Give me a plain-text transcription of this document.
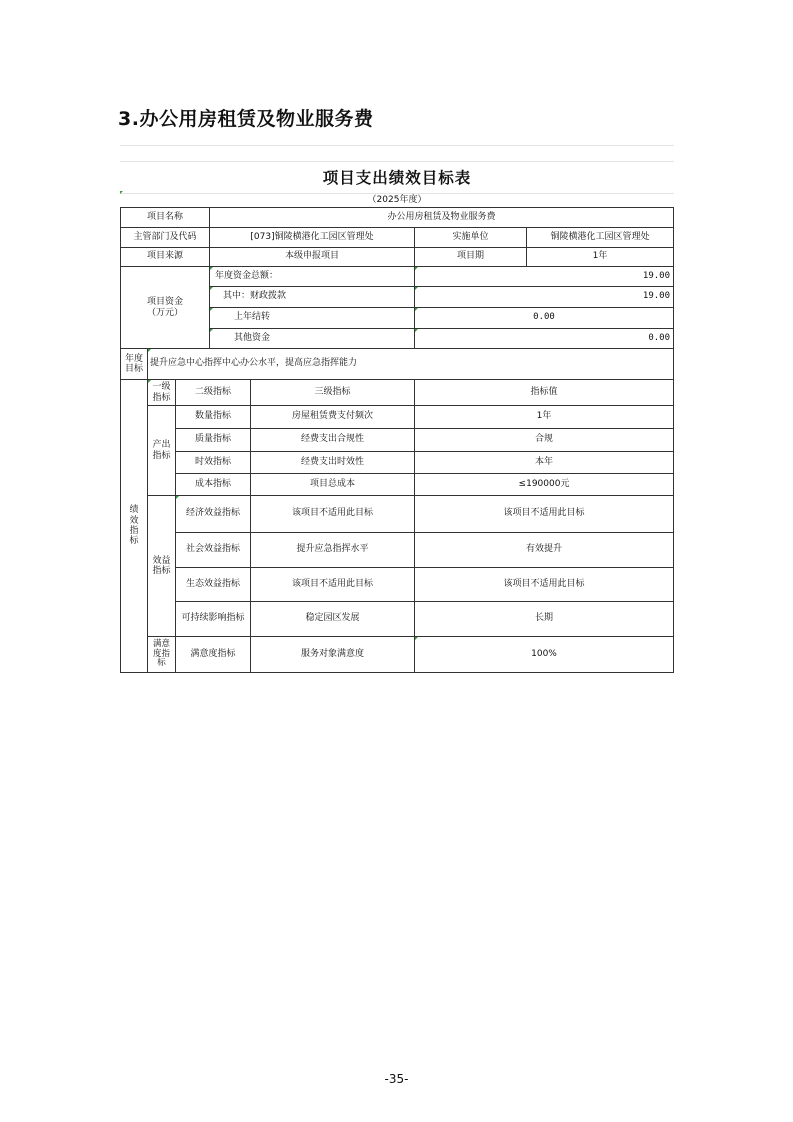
3.办公用房租赁及物业服务费
项目支出绩效目标表
（2025年度）
项目名称	办公用房租赁及物业服务费
主管部门及代码	[073]铜陵横港化工园区管理处	实施单位	铜陵横港化工园区管理处
项目来源	本级申报项目	项目期	1年
项目资金
（万元）
年度资金总额：	19.00
其中：财政拨款	19.00
上年结转	0.00
其他资金	0.00
年度
目标
提升应急中心指挥中心办公水平，提高应急指挥能力
绩
效
指
标
一级
指标
二级指标	三级指标	指标值
产出
指标
数量指标	房屋租赁费支付频次	1年
质量指标	经费支出合规性	合规
时效指标	经费支出时效性	本年
成本指标	项目总成本	≤190000元
效益
指标
经济效益指标	该项目不适用此目标	该项目不适用此目标
社会效益指标	提升应急指挥水平	有效提升
生态效益指标	该项目不适用此目标	该项目不适用此目标
可持续影响指标	稳定园区发展	长期
满意
度指
标
满意度指标	服务对象满意度	100%
-35-
